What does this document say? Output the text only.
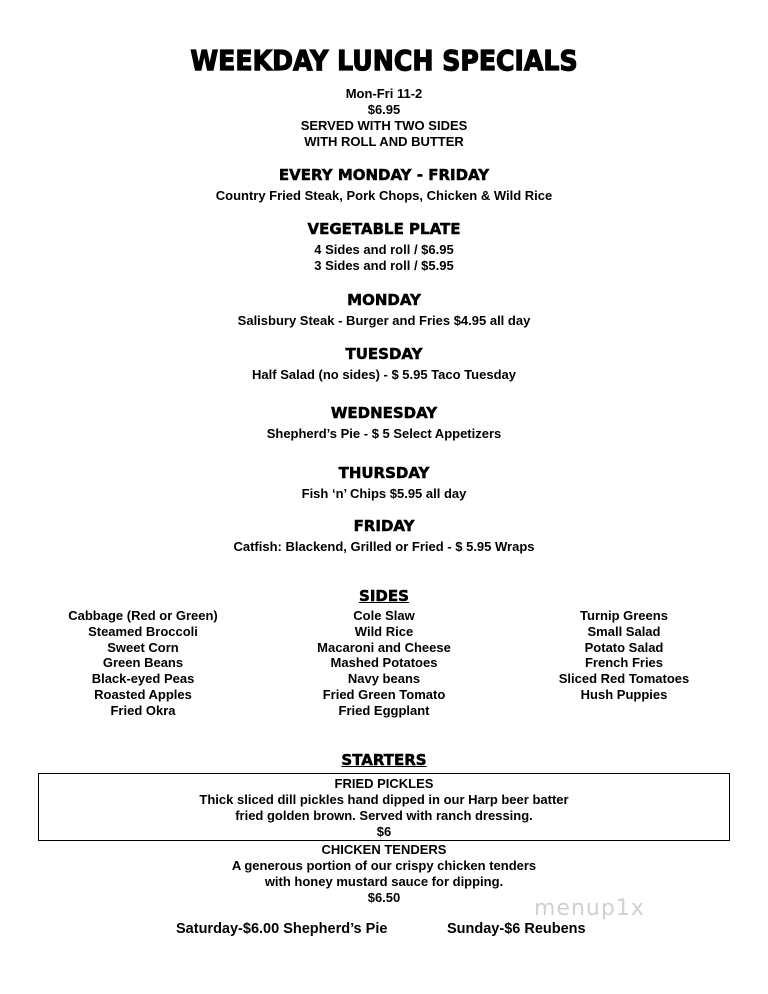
WEEKDAY LUNCH SPECIALS
Mon-Fri 11-2
$6.95
SERVED WITH TWO SIDES
WITH ROLL AND BUTTER
EVERY MONDAY - FRIDAY
Country Fried Steak, Pork Chops, Chicken & Wild Rice
VEGETABLE PLATE
4 Sides and roll / $6.95
3 Sides and roll / $5.95
MONDAY
Salisbury Steak - Burger and Fries $4.95 all day
TUESDAY
Half Salad (no sides) - $ 5.95 Taco Tuesday
WEDNESDAY
Shepherd’s Pie - $ 5 Select Appetizers
THURSDAY
Fish ‘n’ Chips $5.95 all day
FRIDAY
Catfish: Blackend, Grilled or Fried - $ 5.95 Wraps
SIDES
Cabbage (Red or Green)
Steamed Broccoli
Sweet Corn
Green Beans
Black-eyed Peas
Roasted Apples
Fried Okra
Cole Slaw
Wild Rice
Macaroni and Cheese
Mashed Potatoes
Navy beans
Fried Green Tomato
Fried Eggplant
Turnip Greens
Small Salad
Potato Salad
French Fries
Sliced Red Tomatoes
Hush Puppies
STARTERS
FRIED PICKLES
Thick sliced dill pickles hand dipped in our Harp beer batter
fried golden brown. Served with ranch dressing.
$6
CHICKEN TENDERS
A generous portion of our crispy chicken tenders
with honey mustard sauce for dipping.
$6.50	menup1x
Saturday-$6.00 Shepherd’s Pie	Sunday-$6 Reubens
